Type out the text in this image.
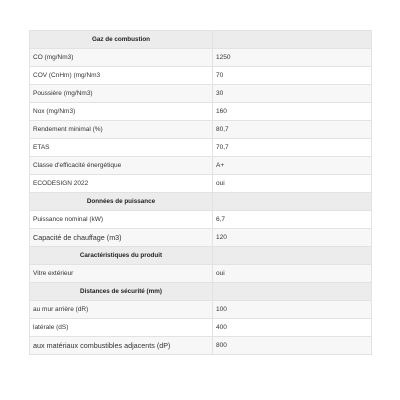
Gaz de combustion	
CO (mg/Nm3)	1250
COV (CnHm) (mg/Nm3	70
Poussière (mg/Nm3)	30
Nox (mg/Nm3)	160
Rendement minimal (%)	80,7
ETAS	70,7
Classe d'efficacité énergétique	A+
ECODESIGN 2022	oui
Données de puissance	
Puissance nominal (kW)	6,7
Capacité de chauffage (m3)	120
Caractéristiques du produit	
Vitre extérieur	oui
Distances de sécurité (mm)	
au mur arrière (dR)	100
latérale (dS)	400
aux matériaux combustibles adjacents (dP)	800
